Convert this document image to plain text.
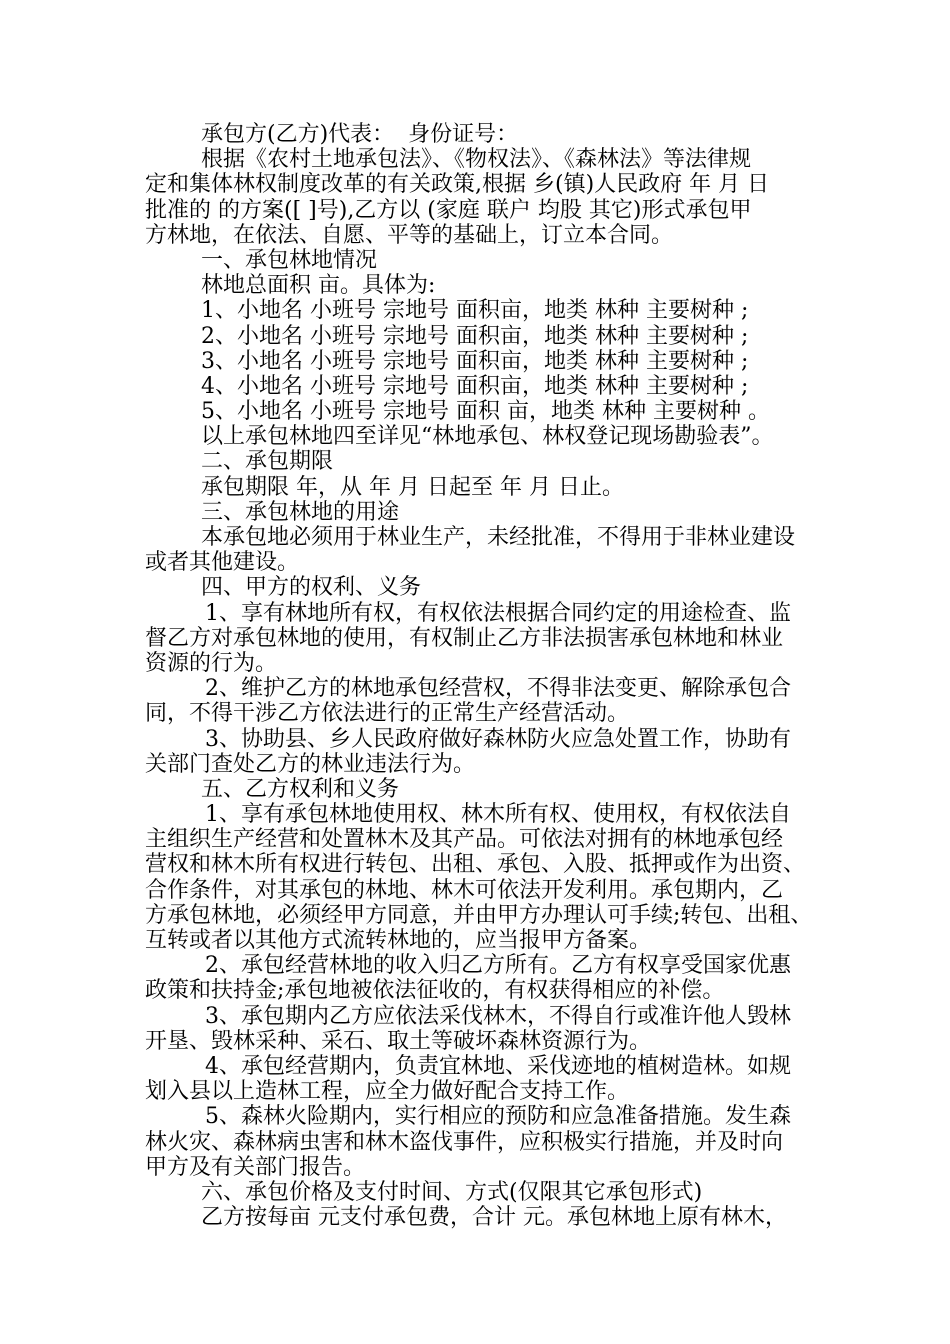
承包方(乙方)代表：  身份证号：
根据《农村土地承包法》、《物权法》、《森林法》等法律规
定和集体林权制度改革的有关政策,根据 乡(镇)人民政府 年 月 日
批准的 的方案([ ]号),乙方以 (家庭 联户 均股 其它)形式承包甲
方林地，在依法、自愿、平等的基础上，订立本合同。
一、承包林地情况
林地总面积 亩。具体为:
1、小地名 小班号 宗地号 面积亩，地类 林种 主要树种 ;
2、小地名 小班号 宗地号 面积亩，地类 林种 主要树种 ;
3、小地名 小班号 宗地号 面积亩，地类 林种 主要树种 ;
4、小地名 小班号 宗地号 面积亩，地类 林种 主要树种 ;
5、小地名 小班号 宗地号 面积 亩，地类 林种 主要树种 。
以上承包林地四至详见“林地承包、林权登记现场勘验表”。
二、承包期限
承包期限 年，从 年 月 日起至 年 月 日止。
三、承包林地的用途
本承包地必须用于林业生产，未经批准，不得用于非林业建设
或者其他建设。
四、甲方的权利、义务
1、享有林地所有权，有权依法根据合同约定的用途检查、监
督乙方对承包林地的使用，有权制止乙方非法损害承包林地和林业
资源的行为。
2、维护乙方的林地承包经营权，不得非法变更、解除承包合
同，不得干涉乙方依法进行的正常生产经营活动。
3、协助县、乡人民政府做好森林防火应急处置工作，协助有
关部门查处乙方的林业违法行为。
五、乙方权利和义务
1、享有承包林地使用权、林木所有权、使用权，有权依法自
主组织生产经营和处置林木及其产品。可依法对拥有的林地承包经
营权和林木所有权进行转包、出租、承包、入股、抵押或作为出资、
合作条件，对其承包的林地、林木可依法开发利用。承包期内，乙
方承包林地，必须经甲方同意，并由甲方办理认可手续;转包、出租、
互转或者以其他方式流转林地的，应当报甲方备案。
2、承包经营林地的收入归乙方所有。乙方有权享受国家优惠
政策和扶持金;承包地被依法征收的，有权获得相应的补偿。
3、承包期内乙方应依法采伐林木，不得自行或准许他人毁林
开垦、毁林采种、采石、取土等破坏森林资源行为。
4、承包经营期内，负责宜林地、采伐迹地的植树造林。如规
划入县以上造林工程，应全力做好配合支持工作。
5、森林火险期内，实行相应的预防和应急准备措施。发生森
林火灾、森林病虫害和林木盗伐事件，应积极实行措施，并及时向
甲方及有关部门报告。
六、承包价格及支付时间、方式(仅限其它承包形式)
乙方按每亩 元支付承包费，合计 元。承包林地上原有林木，
